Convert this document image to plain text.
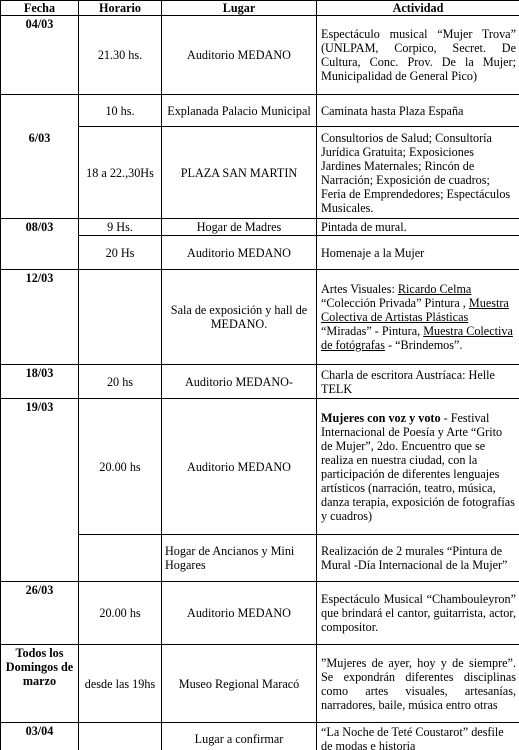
Fecha	Horario	Lugar	Actividad
04/03	21.30 hs.	Auditorio MEDANO	Espectáculo musical “Mujer Trova” (UNLPAM, Corpico, Secret. De Cultura, Conc. Prov. De la Mujer; Municipalidad de General Pico)
6/03	10 hs.	Explanada Palacio Municipal	Caminata hasta Plaza España
	18 a 22.,30Hs	PLAZA SAN MARTIN	Consultorios de Salud; Consultoría Jurídica Gratuita; Exposiciones Jardines Maternales; Rincón de Narración; Exposición de cuadros; Feria de Emprendedores; Espectáculos Musicales.
08/03	9 Hs.	Hogar de Madres	Pintada de mural.
	20 Hs	Auditorio MEDANO	Homenaje a la Mujer
12/03		Sala de exposición y hall de MEDANO.	Artes Visuales: Ricardo Celma “Colección Privada” Pintura , Muestra Colectiva de Artistas Plásticas “Miradas” - Pintura, Muestra Colectiva de fotógrafas - “Brindemos”.
18/03	20 hs	Auditorio MEDANO-	Charla de escritora Austríaca: Helle TELK
19/03	20.00 hs	Auditorio MEDANO	Mujeres con voz y voto - Festival Internacional de Poesía y Arte “Grito de Mujer”, 2do. Encuentro que se realiza en nuestra ciudad, con la participación de diferentes lenguajes artísticos (narración, teatro, música, danza terapia, exposición de fotografías y cuadros)
		Hogar de Ancianos y Mini Hogares	Realización de 2 murales “Pintura de Mural -Día Internacional de la Mujer”
26/03	20.00 hs	Auditorio MEDANO	Espectáculo Musical “Chambouleyron” que brindará el cantor, guitarrista, actor, compositor.
Todos los Domingos de marzo	desde las 19hs	Museo Regional Maracó	”Mujeres de ayer, hoy y de siempre”. Se expondrán diferentes disciplinas como artes visuales, artesanías, narradores, baile, música entro otras
03/04		Lugar a confirmar	“La Noche de Teté Coustarot” desfile de modas e historia
